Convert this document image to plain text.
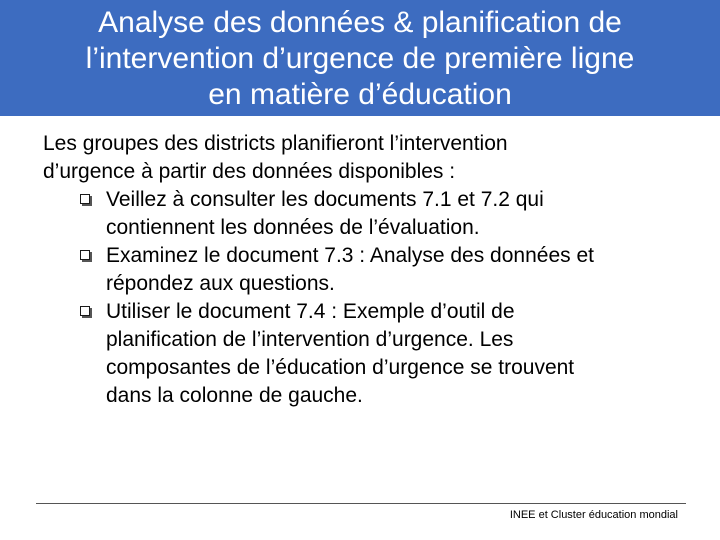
Analyse des données & planification de
l’intervention d’urgence de première ligne
en matière d’éducation

Les groupes des districts planifieront l’intervention
d’urgence à partir des données disponibles :

Veillez à consulter les documents 7.1 et 7.2 qui
contiennent les données de l’évaluation.
Examinez le document 7.3 : Analyse des données et
répondez aux questions.
Utiliser le document 7.4 : Exemple d’outil de
planification de l’intervention d’urgence. Les
composantes de l’éducation d’urgence se trouvent
dans la colonne de gauche.
INEE et Cluster éducation mondial
